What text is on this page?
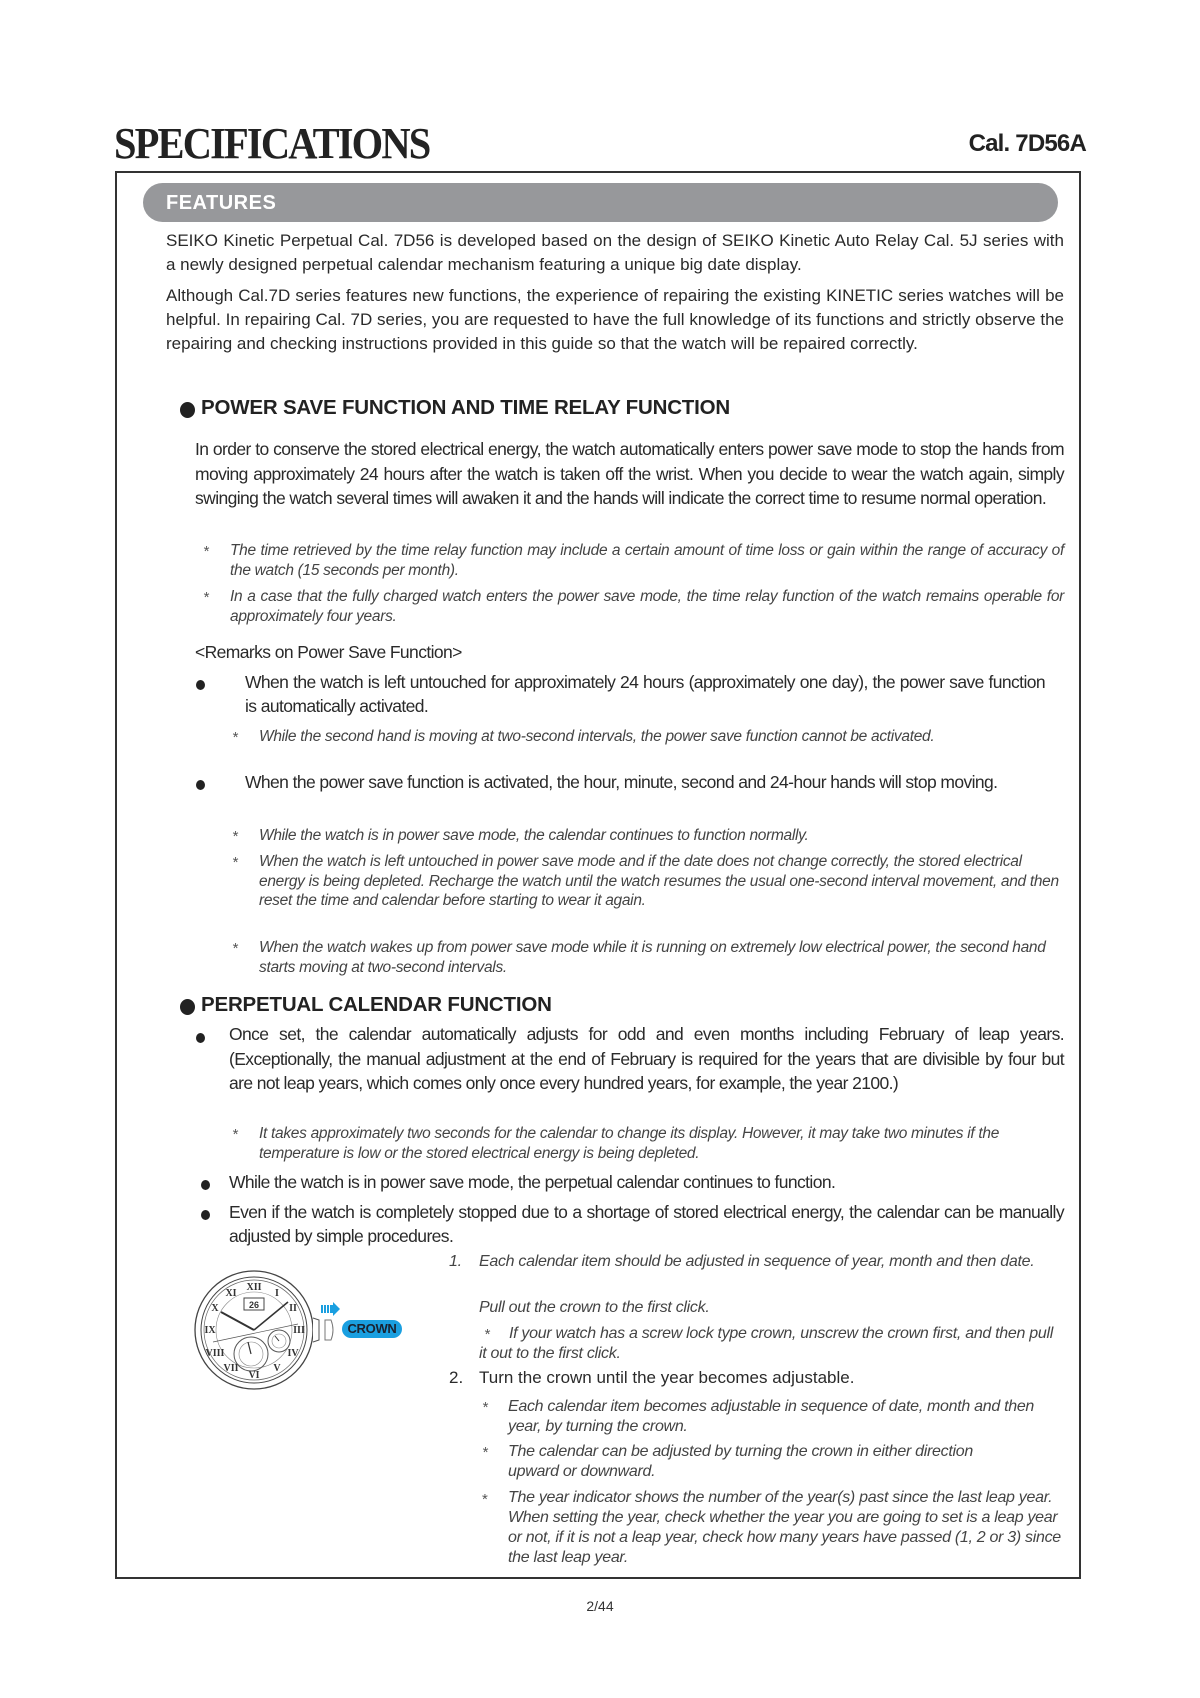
SPECIFICATIONS	Cal. 7D56A
FEATURES
SEIKO Kinetic Perpetual Cal. 7D56 is developed based on the design of SEIKO Kinetic Auto Relay Cal. 5J series with a newly designed perpetual calendar mechanism featuring a unique big date display.
Although Cal.7D series features new functions, the experience of repairing the existing KINETIC series watches will be helpful. In repairing Cal. 7D series, you are requested to have the full knowledge of its functions and strictly observe the repairing and checking instructions provided in this guide so that the watch will be repaired correctly.
POWER SAVE FUNCTION AND TIME RELAY FUNCTION
In order to conserve the stored electrical energy, the watch automatically enters power save mode to stop the hands from moving approximately 24 hours after the watch is taken off the wrist. When you decide to wear the watch again, simply swinging the watch several times will awaken it and the hands will indicate the correct time to resume normal operation.
* The time retrieved by the time relay function may include a certain amount of time loss or gain within the range of accuracy of the watch (15 seconds per month).
* In a case that the fully charged watch enters the power save mode, the time relay function of the watch remains operable for approximately four years.
<Remarks on Power Save Function>
When the watch is left untouched for approximately 24 hours (approximately one day), the power save function is automatically activated.
* While the second hand is moving at two-second intervals, the power save function cannot be activated.
When the power save function is activated, the hour, minute, second and 24-hour hands will stop moving.
* While the watch is in power save mode, the calendar continues to function normally.
* When the watch is left untouched in power save mode and if the date does not change correctly, the stored electrical energy is being depleted. Recharge the watch until the watch resumes the usual one-second interval movement, and then reset the time and calendar before starting to wear it again.
* When the watch wakes up from power save mode while it is running on extremely low electrical power, the second hand starts moving at two-second intervals.
PERPETUAL CALENDAR FUNCTION
Once set, the calendar automatically adjusts for odd and even months including February of leap years. (Exceptionally, the manual adjustment at the end of February is required for the years that are divisible by four but are not leap years, which comes only once every hundred years, for example, the year 2100.)
* It takes approximately two seconds for the calendar to change its display. However, it may take two minutes if the temperature is low or the stored electrical energy is being depleted.
While the watch is in power save mode, the perpetual calendar continues to function.
Even if the watch is completely stopped due to a shortage of stored electrical energy, the calendar can be manually adjusted by simple procedures.
XII
I
II
III
IV
V
VI
VII
VIII
IX
X
XI
26
CROWN
1.	Each calendar item should be adjusted in sequence of year, month and then date.
Pull out the crown to the first click.
*	If your watch has a screw lock type crown, unscrew the crown first, and then pull it out to the first click.
2. Turn the crown until the year becomes adjustable.
* Each calendar item becomes adjustable in sequence of date, month and then year, by turning the crown.
* The calendar can be adjusted by turning the crown in either direction upward or downward.
* The year indicator shows the number of the year(s) past since the last leap year. When setting the year, check whether the year you are going to set is a leap year or not, if it is not a leap year, check how many years have passed (1, 2 or 3) since the last leap year.
2/44
